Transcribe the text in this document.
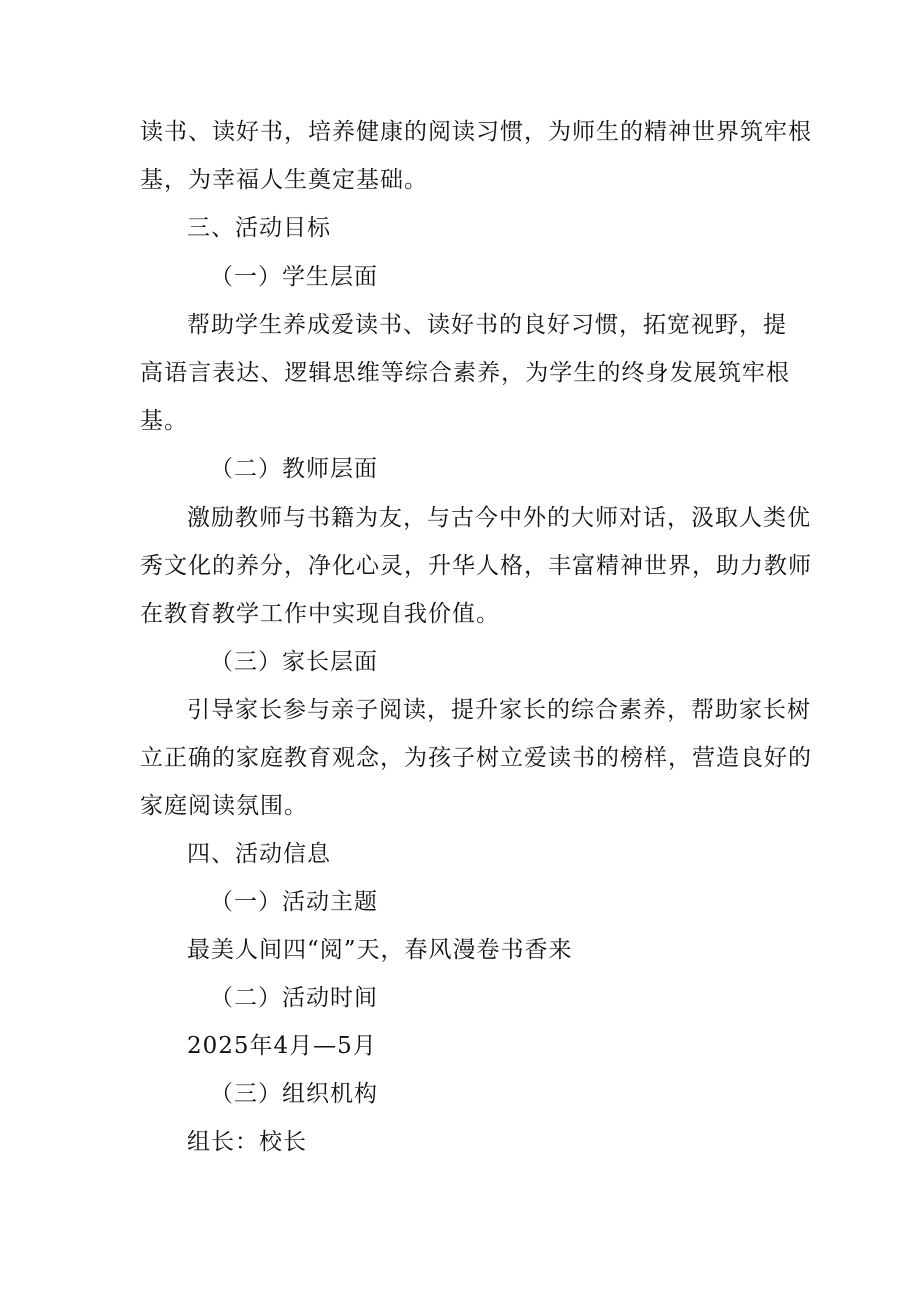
读书、读好书，培养健康的阅读习惯，为师生的精神世界筑牢根
基，为幸福人生奠定基础。
三、活动目标
（一）学生层面
帮助学生养成爱读书、读好书的良好习惯，拓宽视野，提
高语言表达、逻辑思维等综合素养，为学生的终身发展筑牢根
基。
（二）教师层面
激励教师与书籍为友，与古今中外的大师对话，汲取人类优
秀文化的养分，净化心灵，升华人格，丰富精神世界，助力教师
在教育教学工作中实现自我价值。
（三）家长层面
引导家长参与亲子阅读，提升家长的综合素养，帮助家长树
立正确的家庭教育观念，为孩子树立爱读书的榜样，营造良好的
家庭阅读氛围。
四、活动信息
（一）活动主题
最美人间四“阅”天，春风漫卷书香来
（二）活动时间
2025年4月—5月
（三）组织机构
组长：校长
